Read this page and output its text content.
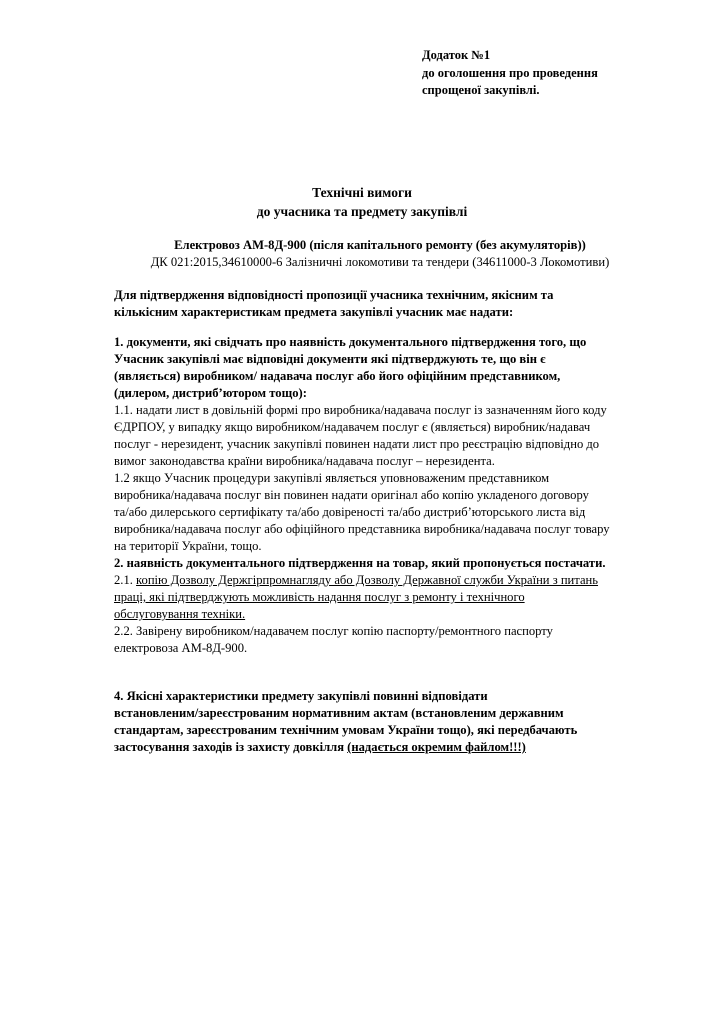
Додаток №1
до оголошення про проведення
спрощеної закупівлі.
Технічні вимоги
до учасника та предмету закупівлі
Електровоз АМ-8Д-900 (після капітального ремонту (без акумуляторів))
ДК 021:2015,34610000-6 Залізничні локомотиви та тендери (34611000-3 Локомотиви)
Для підтвердження відповідності пропозиції учасника технічним, якісним та
кількісним характеристикам предмета закупівлі учасник має надати:
1. документи, які свідчать про наявність документального підтвердження того, що
Учасник закупівлі має відповідні документи які підтверджують те, що він є
(являється) виробником/ надавача послуг або його офіційним представником,
(дилером, дистриб’ютором тощо):
1.1. надати лист в довільній формі про виробника/надавача послуг із зазначенням його коду
ЄДРПОУ, у випадку якщо виробником/надавачем послуг є (являється) виробник/надавач
послуг - нерезидент, учасник закупівлі повинен надати лист про реєстрацію відповідно до
вимог законодавства країни виробника/надавача послуг – нерезидента.
1.2 якщо Учасник процедури закупівлі являється уповноваженим представником
виробника/надавача послуг він повинен надати оригінал або копію укладеного договору
та/або дилерського сертифікату та/або довіреності та/або дистриб’юторського листа від
виробника/надавача послуг або офіційного представника виробника/надавача послуг товару
на території України, тощо.
2. наявність документального підтвердження на товар, який пропонується постачати.
2.1. копію Дозволу Держгірпромнагляду або Дозволу Державної служби України з питань
праці, які підтверджують можливість надання послуг з ремонту і технічного
обслуговування техніки.
2.2. Завірену виробником/надавачем послуг копію паспорту/ремонтного паспорту
електровоза АМ-8Д-900.
4. Якісні характеристики предмету закупівлі повинні відповідати
встановленим/зареєстрованим нормативним актам (встановленим державним
стандартам, зареєстрованим технічним умовам України тощо), які передбачають
застосування заходів із захисту довкілля (надається окремим файлом!!!)
